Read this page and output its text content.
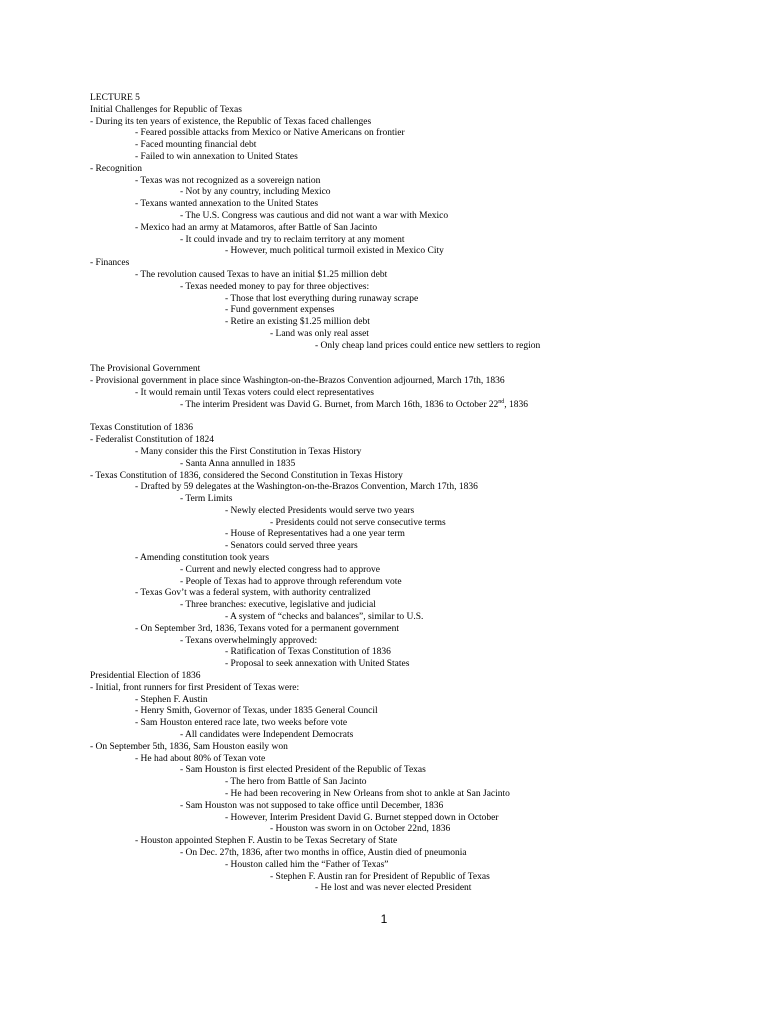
LECTURE 5
Initial Challenges for Republic of Texas
- During its ten years of existence, the Republic of Texas faced challenges
- Feared possible attacks from Mexico or Native Americans on frontier
- Faced mounting financial debt
- Failed to win annexation to United States
- Recognition
- Texas was not recognized as a sovereign nation
- Not by any country, including Mexico
- Texans wanted annexation to the United States
- The U.S. Congress was cautious and did not want a war with Mexico
- Mexico had an army at Matamoros, after Battle of San Jacinto
- It could invade and try to reclaim territory at any moment
- However, much political turmoil existed in Mexico City
- Finances
- The revolution caused Texas to have an initial $1.25 million debt
- Texas needed money to pay for three objectives:
- Those that lost everything during runaway scrape
- Fund government expenses
- Retire an existing $1.25 million debt
- Land was only real asset
- Only cheap land prices could entice new settlers to region
The Provisional Government
- Provisional government in place since Washington-on-the-Brazos Convention adjourned, March 17th, 1836
- It would remain until Texas voters could elect representatives
- The interim President was David G. Burnet, from March 16th, 1836 to October 22nd, 1836
Texas Constitution of 1836
- Federalist Constitution of 1824
- Many consider this the First Constitution in Texas History
- Santa Anna annulled in 1835
- Texas Constitution of 1836, considered the Second Constitution in Texas History
- Drafted by 59 delegates at the Washington-on-the-Brazos Convention, March 17th, 1836
- Term Limits
- Newly elected Presidents would serve two years
- Presidents could not serve consecutive terms
- House of Representatives had a one year term
- Senators could served three years
- Amending constitution took years
- Current and newly elected congress had to approve
- People of Texas had to approve through referendum vote
- Texas Gov’t was a federal system, with authority centralized
- Three branches: executive, legislative and judicial
- A system of “checks and balances”, similar to U.S.
- On September 3rd, 1836, Texans voted for a permanent government
- Texans overwhelmingly approved:
- Ratification of Texas Constitution of 1836
- Proposal to seek annexation with United States
Presidential Election of 1836
- Initial, front runners for first President of Texas were:
- Stephen F. Austin
- Henry Smith, Governor of Texas, under 1835 General Council
- Sam Houston entered race late, two weeks before vote
- All candidates were Independent Democrats
- On September 5th, 1836, Sam Houston easily won
- He had about 80% of Texan vote
- Sam Houston is first elected President of the Republic of Texas
- The hero from Battle of San Jacinto
- He had been recovering in New Orleans from shot to ankle at San Jacinto
- Sam Houston was not supposed to take office until December, 1836
- However, Interim President David G. Burnet stepped down in October
- Houston was sworn in on October 22nd, 1836
- Houston appointed Stephen F. Austin to be Texas Secretary of State
- On Dec. 27th, 1836, after two months in office, Austin died of pneumonia
- Houston called him the “Father of Texas”
- Stephen F. Austin ran for President of Republic of Texas
- He lost and was never elected President
1
